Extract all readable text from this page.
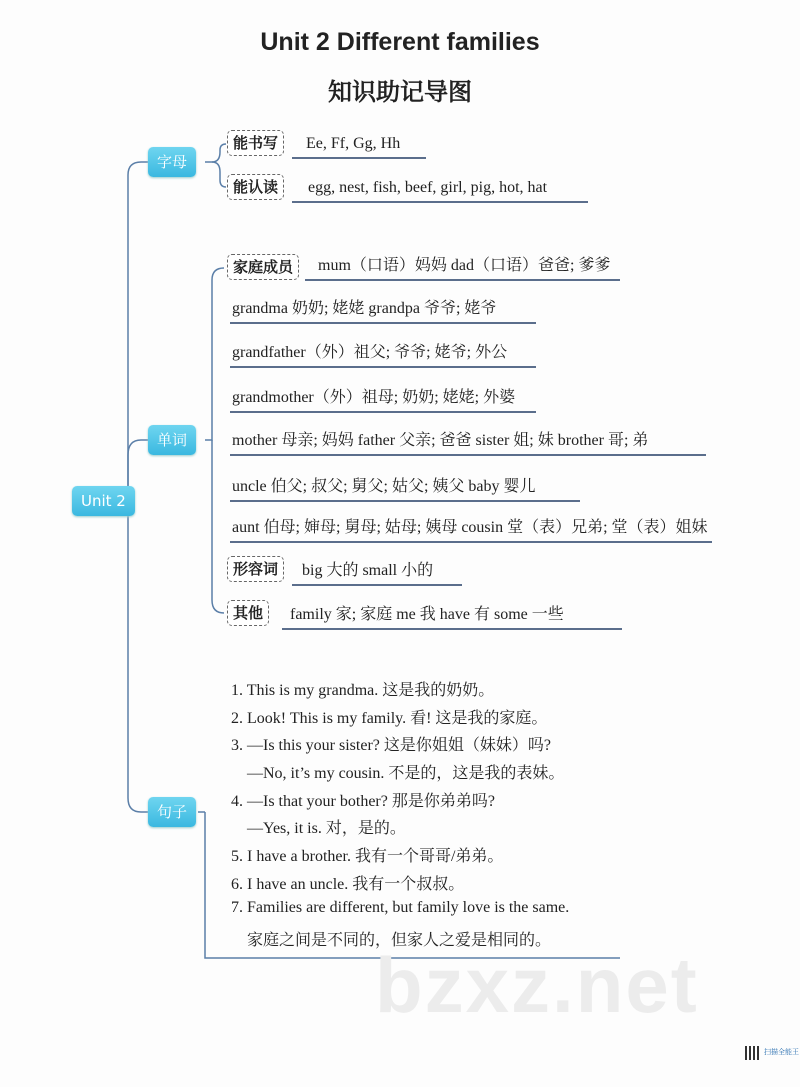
Unit 2 Different families
知识助记导图
Unit 2
字母
单词
句子
能书写	Ee, Ff, Gg, Hh
能认读	egg, nest, fish, beef, girl, pig, hot, hat
家庭成员	mum（口语）妈妈 dad（口语）爸爸; 爹爹
grandma 奶奶; 姥姥 grandpa 爷爷; 姥爷
grandfather（外）祖父; 爷爷; 姥爷; 外公
grandmother（外）祖母; 奶奶; 姥姥; 外婆
mother 母亲; 妈妈 father 父亲; 爸爸 sister 姐; 妹 brother 哥; 弟
uncle 伯父; 叔父; 舅父; 姑父; 姨父 baby 婴儿
aunt 伯母; 婶母; 舅母; 姑母; 姨母 cousin 堂（表）兄弟; 堂（表）姐妹
形容词	big 大的 small 小的
其他	family 家; 家庭 me 我 have 有 some 一些
1. This is my grandma. 这是我的奶奶。
2. Look! This is my family. 看! 这是我的家庭。
3. —Is this your sister? 这是你姐姐（妹妹）吗?
—No, it’s my cousin. 不是的，这是我的表妹。
4. —Is that your bother? 那是你弟弟吗?
—Yes, it is. 对，是的。
5. I have a brother. 我有一个哥哥/弟弟。
6. I have an uncle. 我有一个叔叔。
7. Families are different, but family love is the same.
家庭之间是不同的，但家人之爱是相同的。
bzxz.net
扫描全能王
